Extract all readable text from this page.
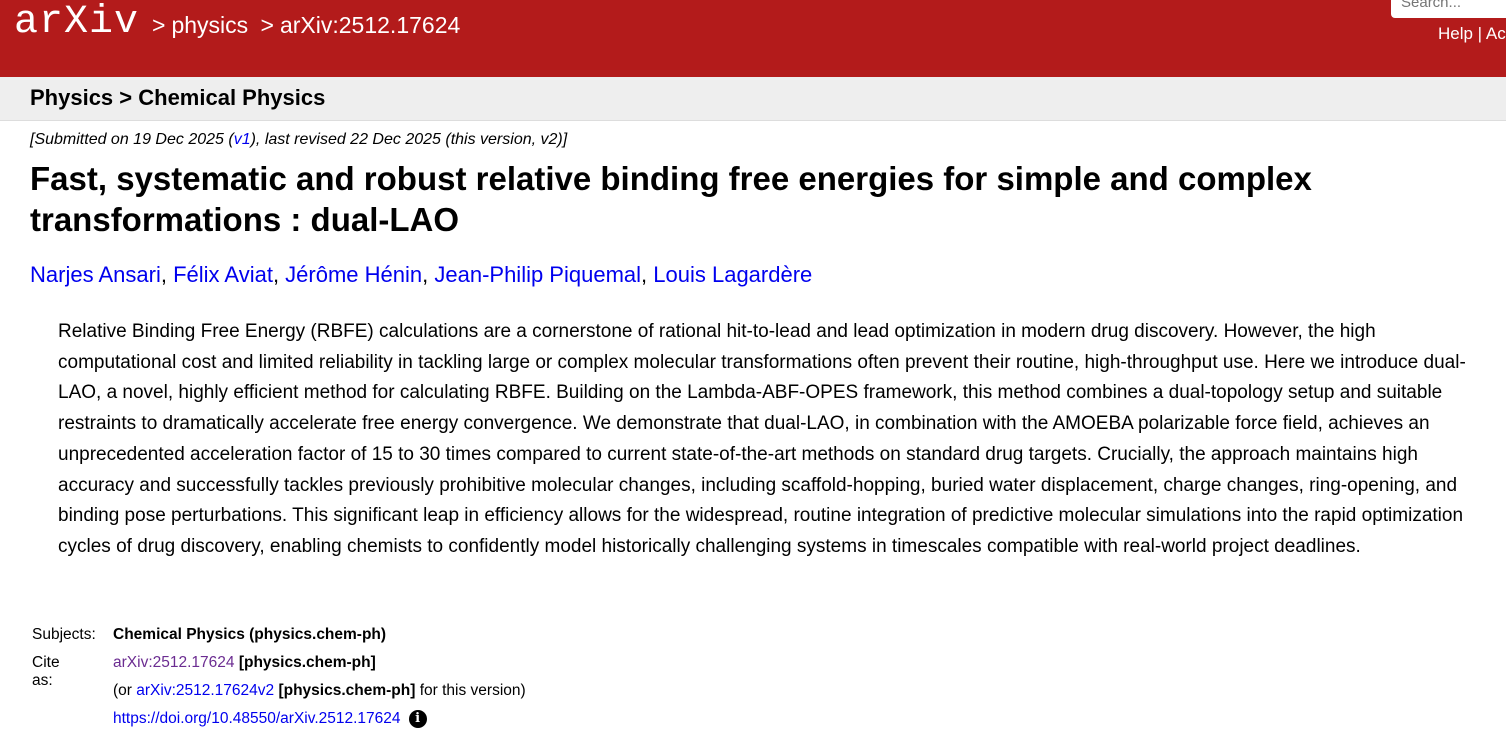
arXiv > physics > arXiv:2512.17624
Search...	Help | Ac
Physics > Chemical Physics
[Submitted on 19 Dec 2025 (v1), last revised 22 Dec 2025 (this version, v2)]
Fast, systematic and robust relative binding free energies for simple and complex transformations : dual-LAO
Narjes Ansari, Félix Aviat, Jérôme Hénin, Jean-Philip Piquemal, Louis Lagardère
Relative Binding Free Energy (RBFE) calculations are a cornerstone of rational hit-to-lead and lead optimization in modern drug discovery. However, the high computational cost and limited reliability in tackling large or complex molecular transformations often prevent their routine, high-throughput use. Here we introduce dual-LAO, a novel, highly efficient method for calculating RBFE. Building on the Lambda-ABF-OPES framework, this method combines a dual-topology setup and suitable restraints to dramatically accelerate free energy convergence. We demonstrate that dual-LAO, in combination with the AMOEBA polarizable force field, achieves an unprecedented acceleration factor of 15 to 30 times compared to current state-of-the-art methods on standard drug targets. Crucially, the approach maintains high accuracy and successfully tackles previously prohibitive molecular changes, including scaffold-hopping, buried water displacement, charge changes, ring-opening, and binding pose perturbations. This significant leap in efficiency allows for the widespread, routine integration of predictive molecular simulations into the rapid optimization cycles of drug discovery, enabling chemists to confidently model historically challenging systems in timescales compatible with real-world project deadlines.
Subjects: Chemical Physics (physics.chem-ph)
Cite as:
arXiv:2512.17624 [physics.chem-ph]
(or arXiv:2512.17624v2 [physics.chem-ph] for this version)
https://doi.org/10.48550/arXiv.2512.17624 i
